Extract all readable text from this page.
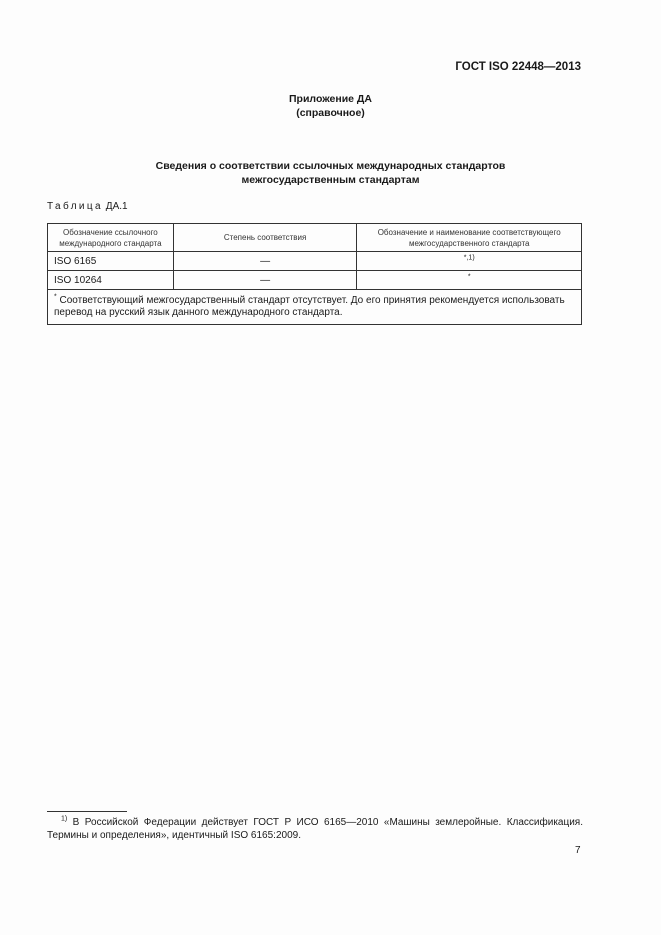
ГОСТ ISO 22448—2013
Приложение ДА
(справочное)
Сведения о соответствии ссылочных международных стандартов
межгосударственным стандартам
Таблица ДА.1
Обозначение ссылочного международного стандарта	Степень соответствия	Обозначение и наименование соответствующего межгосударственного стандарта
ISO 6165	—	$^{*,1)}$
ISO 10264	—	*
* Соответствующий межгосударственный стандарт отсутствует. До его принятия рекомендуется использовать перевод на русский язык данного международного стандарта.		
$^{1)}$ В Российской Федерации действует ГОСТ Р ИСО 6165—2010 «Машины землеройные. Классификация. Термины и определения», идентичный ISO 6165:2009.
7
